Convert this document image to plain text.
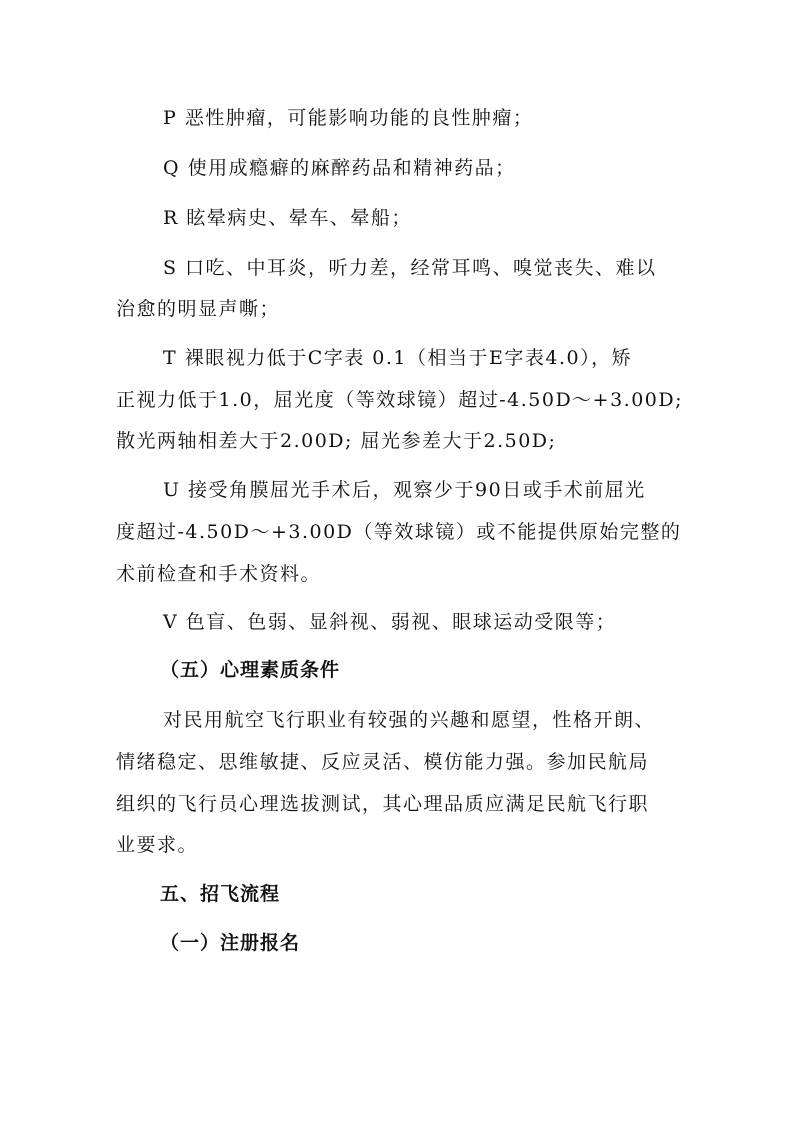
P 恶性肿瘤，可能影响功能的良性肿瘤；
Q 使用成瘾癖的麻醉药品和精神药品；
R 眩晕病史、晕车、晕船；
S 口吃、中耳炎，听力差，经常耳鸣、嗅觉丧失、难以
治愈的明显声嘶；
T 裸眼视力低于C字表 0.1（相当于E字表4.0），矫
正视力低于1.0，屈光度（等效球镜）超过-4.50D～+3.00D;
散光两轴相差大于2.00D; 屈光参差大于2.50D;
U 接受角膜屈光手术后，观察少于90日或手术前屈光
度超过-4.50D～+3.00D（等效球镜）或不能提供原始完整的
术前检查和手术资料。
V 色盲、色弱、显斜视、弱视、眼球运动受限等；
（五）心理素质条件
对民用航空飞行职业有较强的兴趣和愿望，性格开朗、
情绪稳定、思维敏捷、反应灵活、模仿能力强。参加民航局
组织的飞行员心理选拔测试，其心理品质应满足民航飞行职
业要求。
五、招飞流程
（一）注册报名
